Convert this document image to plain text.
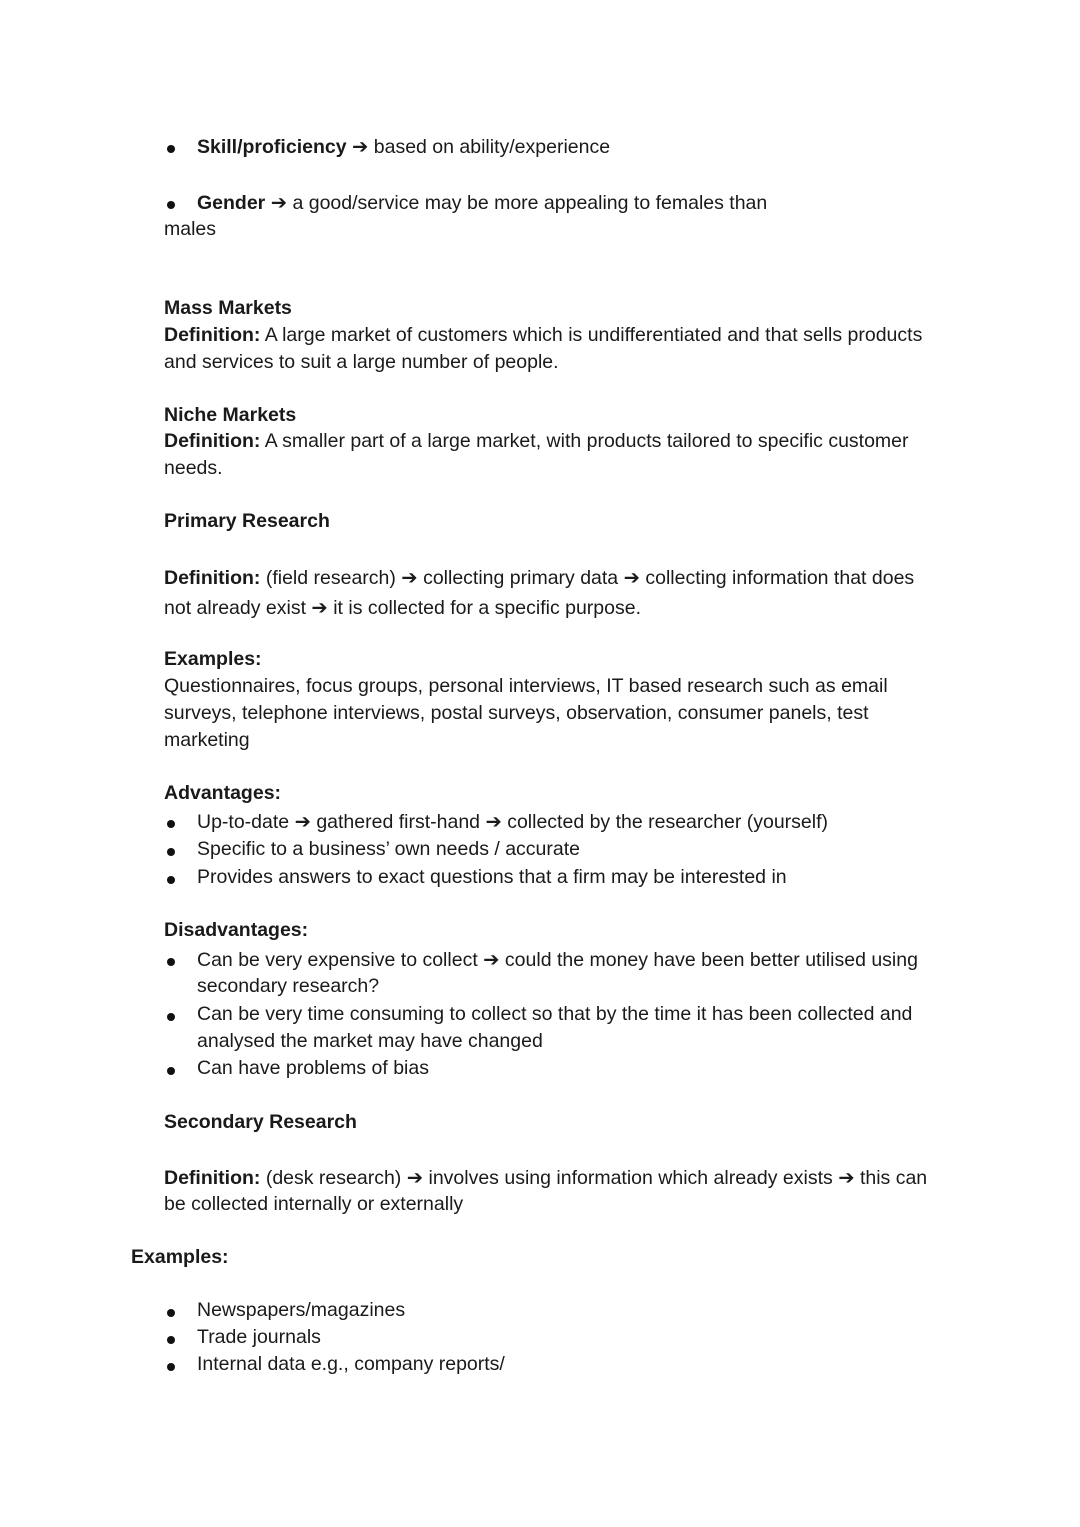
Skill/proficiency ➔ based on ability/experience
Gender ➔ a good/service may be more appealing to females than
males
Mass Markets
Definition: A large market of customers which is undifferentiated and that sells products
and services to suit a large number of people.
Niche Markets
Definition: A smaller part of a large market, with products tailored to specific customer
needs.
Primary Research
Definition: (field research) ➔ collecting primary data ➔ collecting information that does
not already exist ➔ it is collected for a specific purpose.
Examples:
Questionnaires, focus groups, personal interviews, IT based research such as email
surveys, telephone interviews, postal surveys, observation, consumer panels, test
marketing
Advantages:
Up-to-date ➔ gathered first-hand ➔ collected by the researcher (yourself)
Specific to a business’ own needs / accurate
Provides answers to exact questions that a firm may be interested in
Disadvantages:
Can be very expensive to collect ➔ could the money have been better utilised using
secondary research?
Can be very time consuming to collect so that by the time it has been collected and
analysed the market may have changed
Can have problems of bias
Secondary Research
Definition: (desk research) ➔ involves using information which already exists ➔ this can
be collected internally or externally
Examples:
Newspapers/magazines
Trade journals
Internal data e.g., company reports/
